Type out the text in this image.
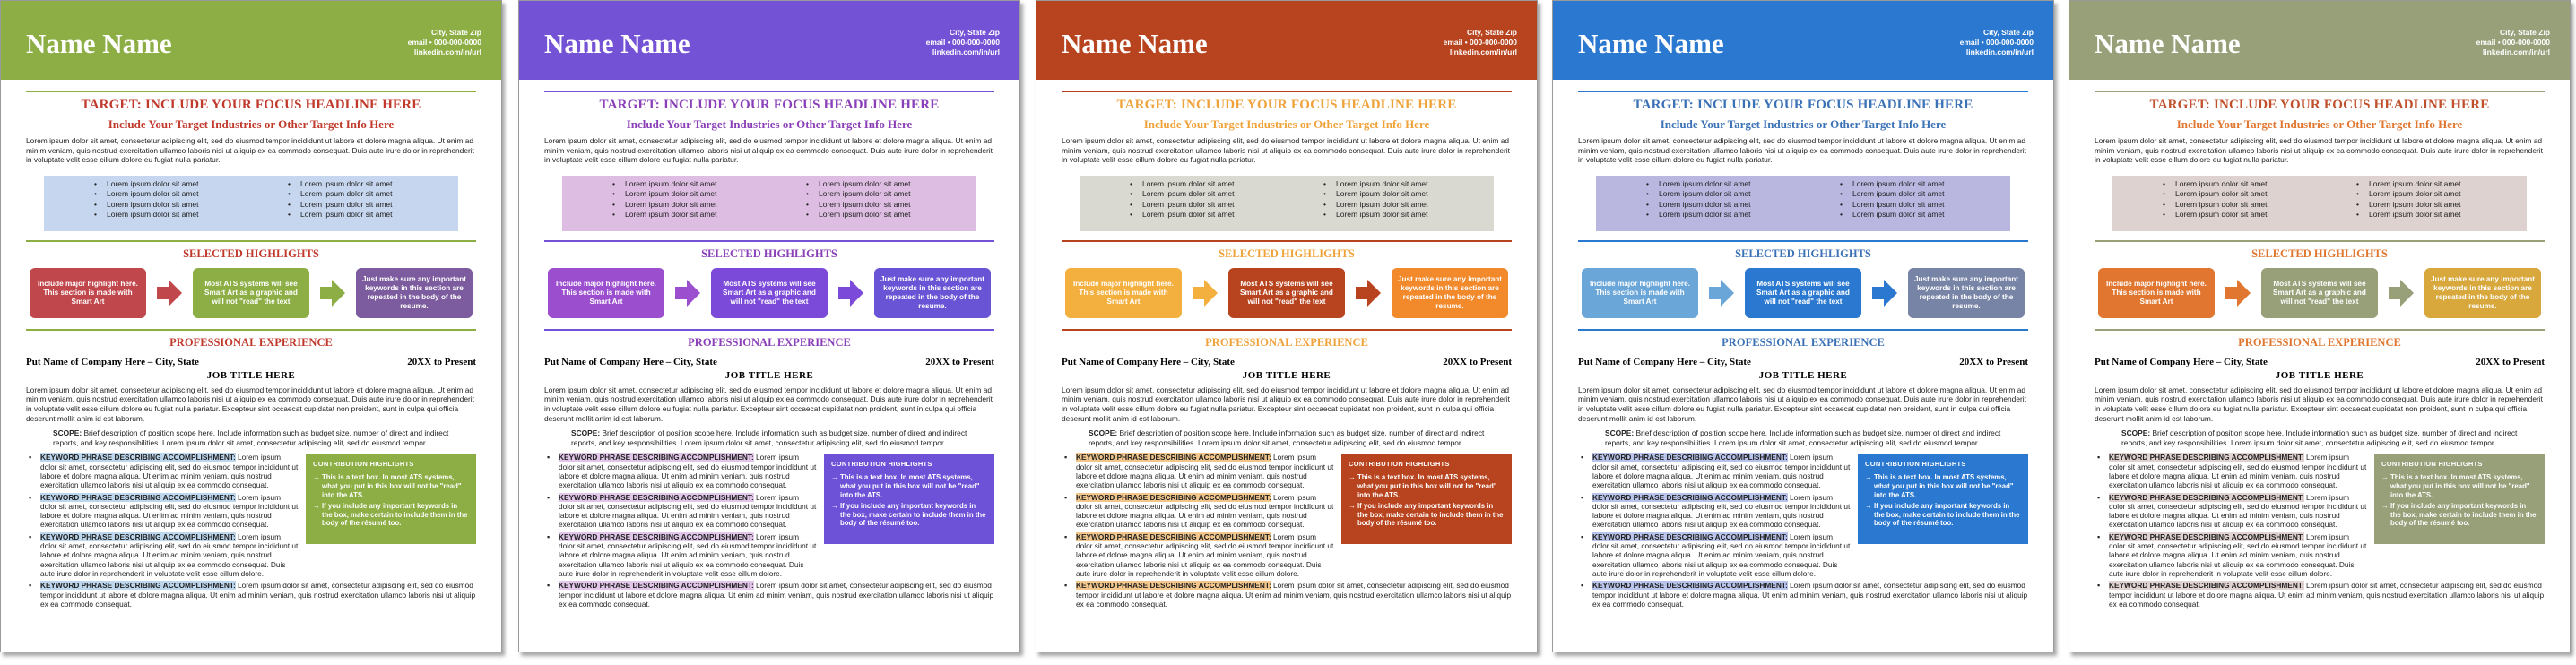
Name Name	City, State Zip
email • 000-000-0000
linkedin.com/in/url
TARGET: INCLUDE YOUR FOCUS HEADLINE HERE
Include Your Target Industries or Other Target Info Here
Lorem ipsum dolor sit amet, consectetur adipiscing elit, sed do eiusmod tempor incididunt ut labore et dolore magna aliqua. Ut enim ad minim veniam, quis nostrud exercitation ullamco laboris nisi ut aliquip ex ea commodo consequat. Duis aute irure dolor in reprehenderit in voluptate velit esse cillum dolore eu fugiat nulla pariatur.
• Lorem ipsum dolor sit amet
• Lorem ipsum dolor sit amet
• Lorem ipsum dolor sit amet
• Lorem ipsum dolor sit amet
• Lorem ipsum dolor sit amet
• Lorem ipsum dolor sit amet
• Lorem ipsum dolor sit amet
• Lorem ipsum dolor sit amet
SELECTED HIGHLIGHTS
Include major highlight here. This section is made with Smart Art
Most ATS systems will see Smart Art as a graphic and will not "read" the text
Just make sure any important keywords in this section are repeated in the body of the resume.
PROFESSIONAL EXPERIENCE
Put Name of Company Here – City, State	20XX to Present
JOB TITLE HERE
Lorem ipsum dolor sit amet, consectetur adipiscing elit, sed do eiusmod tempor incididunt ut labore et dolore magna aliqua. Ut enim ad minim veniam, quis nostrud exercitation ullamco laboris nisi ut aliquip ex ea commodo consequat. Duis aute irure dolor in reprehenderit in voluptate velit esse cillum dolore eu fugiat nulla pariatur. Excepteur sint occaecat cupidatat non proident, sunt in culpa qui officia deserunt mollit anim id est laborum.
SCOPE: Brief description of position scope here. Include information such as budget size, number of direct and indirect reports, and key responsibilities. Lorem ipsum dolor sit amet, consectetur adipiscing elit, sed do eiusmod tempor.
▪ KEYWORD PHRASE DESCRIBING ACCOMPLISHMENT: Lorem ipsum dolor sit amet, consectetur adipiscing elit, sed do eiusmod tempor incididunt ut labore et dolore magna aliqua. Ut enim ad minim veniam, quis nostrud exercitation ullamco laboris nisi ut aliquip ex ea commodo consequat.
▪ KEYWORD PHRASE DESCRIBING ACCOMPLISHMENT: Lorem ipsum dolor sit amet, consectetur adipiscing elit, sed do eiusmod tempor incididunt ut labore et dolore magna aliqua. Ut enim ad minim veniam, quis nostrud exercitation ullamco laboris nisi ut aliquip ex ea commodo consequat.
▪ KEYWORD PHRASE DESCRIBING ACCOMPLISHMENT: Lorem ipsum dolor sit amet, consectetur adipiscing elit, sed do eiusmod tempor incididunt ut labore et dolore magna aliqua. Ut enim ad minim veniam, quis nostrud exercitation ullamco laboris nisi ut aliquip ex ea commodo consequat. Duis aute irure dolor in reprehenderit in voluptate velit esse cillum dolore.
CONTRIBUTION HIGHLIGHTS
→ This is a text box. In most ATS systems, what you put in this box will not be "read" into the ATS.
→ If you include any important keywords in the box, make certain to include them in the body of the résumé too.
▪ KEYWORD PHRASE DESCRIBING ACCOMPLISHMENT: Lorem ipsum dolor sit amet, consectetur adipiscing elit, sed do eiusmod tempor incididunt ut labore et dolore magna aliqua. Ut enim ad minim veniam, quis nostrud exercitation ullamco laboris nisi ut aliquip ex ea commodo consequat.
Name Name	City, State Zip
email • 000-000-0000
linkedin.com/in/url
TARGET: INCLUDE YOUR FOCUS HEADLINE HERE
Include Your Target Industries or Other Target Info Here
Lorem ipsum dolor sit amet, consectetur adipiscing elit, sed do eiusmod tempor incididunt ut labore et dolore magna aliqua. Ut enim ad minim veniam, quis nostrud exercitation ullamco laboris nisi ut aliquip ex ea commodo consequat. Duis aute irure dolor in reprehenderit in voluptate velit esse cillum dolore eu fugiat nulla pariatur.
• Lorem ipsum dolor sit amet
• Lorem ipsum dolor sit amet
• Lorem ipsum dolor sit amet
• Lorem ipsum dolor sit amet
• Lorem ipsum dolor sit amet
• Lorem ipsum dolor sit amet
• Lorem ipsum dolor sit amet
• Lorem ipsum dolor sit amet
SELECTED HIGHLIGHTS
Include major highlight here. This section is made with Smart Art
Most ATS systems will see Smart Art as a graphic and will not "read" the text
Just make sure any important keywords in this section are repeated in the body of the resume.
PROFESSIONAL EXPERIENCE
Put Name of Company Here – City, State	20XX to Present
JOB TITLE HERE
Lorem ipsum dolor sit amet, consectetur adipiscing elit, sed do eiusmod tempor incididunt ut labore et dolore magna aliqua. Ut enim ad minim veniam, quis nostrud exercitation ullamco laboris nisi ut aliquip ex ea commodo consequat. Duis aute irure dolor in reprehenderit in voluptate velit esse cillum dolore eu fugiat nulla pariatur. Excepteur sint occaecat cupidatat non proident, sunt in culpa qui officia deserunt mollit anim id est laborum.
SCOPE: Brief description of position scope here. Include information such as budget size, number of direct and indirect reports, and key responsibilities. Lorem ipsum dolor sit amet, consectetur adipiscing elit, sed do eiusmod tempor.
▪ KEYWORD PHRASE DESCRIBING ACCOMPLISHMENT: Lorem ipsum dolor sit amet, consectetur adipiscing elit, sed do eiusmod tempor incididunt ut labore et dolore magna aliqua. Ut enim ad minim veniam, quis nostrud exercitation ullamco laboris nisi ut aliquip ex ea commodo consequat.
▪ KEYWORD PHRASE DESCRIBING ACCOMPLISHMENT: Lorem ipsum dolor sit amet, consectetur adipiscing elit, sed do eiusmod tempor incididunt ut labore et dolore magna aliqua. Ut enim ad minim veniam, quis nostrud exercitation ullamco laboris nisi ut aliquip ex ea commodo consequat.
▪ KEYWORD PHRASE DESCRIBING ACCOMPLISHMENT: Lorem ipsum dolor sit amet, consectetur adipiscing elit, sed do eiusmod tempor incididunt ut labore et dolore magna aliqua. Ut enim ad minim veniam, quis nostrud exercitation ullamco laboris nisi ut aliquip ex ea commodo consequat. Duis aute irure dolor in reprehenderit in voluptate velit esse cillum dolore.
CONTRIBUTION HIGHLIGHTS
→ This is a text box. In most ATS systems, what you put in this box will not be "read" into the ATS.
→ If you include any important keywords in the box, make certain to include them in the body of the résumé too.
▪ KEYWORD PHRASE DESCRIBING ACCOMPLISHMENT: Lorem ipsum dolor sit amet, consectetur adipiscing elit, sed do eiusmod tempor incididunt ut labore et dolore magna aliqua. Ut enim ad minim veniam, quis nostrud exercitation ullamco laboris nisi ut aliquip ex ea commodo consequat.
Name Name	City, State Zip
email • 000-000-0000
linkedin.com/in/url
TARGET: INCLUDE YOUR FOCUS HEADLINE HERE
Include Your Target Industries or Other Target Info Here
Lorem ipsum dolor sit amet, consectetur adipiscing elit, sed do eiusmod tempor incididunt ut labore et dolore magna aliqua. Ut enim ad minim veniam, quis nostrud exercitation ullamco laboris nisi ut aliquip ex ea commodo consequat. Duis aute irure dolor in reprehenderit in voluptate velit esse cillum dolore eu fugiat nulla pariatur.
• Lorem ipsum dolor sit amet
• Lorem ipsum dolor sit amet
• Lorem ipsum dolor sit amet
• Lorem ipsum dolor sit amet
• Lorem ipsum dolor sit amet
• Lorem ipsum dolor sit amet
• Lorem ipsum dolor sit amet
• Lorem ipsum dolor sit amet
SELECTED HIGHLIGHTS
Include major highlight here. This section is made with Smart Art
Most ATS systems will see Smart Art as a graphic and will not "read" the text
Just make sure any important keywords in this section are repeated in the body of the resume.
PROFESSIONAL EXPERIENCE
Put Name of Company Here – City, State	20XX to Present
JOB TITLE HERE
Lorem ipsum dolor sit amet, consectetur adipiscing elit, sed do eiusmod tempor incididunt ut labore et dolore magna aliqua. Ut enim ad minim veniam, quis nostrud exercitation ullamco laboris nisi ut aliquip ex ea commodo consequat. Duis aute irure dolor in reprehenderit in voluptate velit esse cillum dolore eu fugiat nulla pariatur. Excepteur sint occaecat cupidatat non proident, sunt in culpa qui officia deserunt mollit anim id est laborum.
SCOPE: Brief description of position scope here. Include information such as budget size, number of direct and indirect reports, and key responsibilities. Lorem ipsum dolor sit amet, consectetur adipiscing elit, sed do eiusmod tempor.
▪ KEYWORD PHRASE DESCRIBING ACCOMPLISHMENT: Lorem ipsum dolor sit amet, consectetur adipiscing elit, sed do eiusmod tempor incididunt ut labore et dolore magna aliqua. Ut enim ad minim veniam, quis nostrud exercitation ullamco laboris nisi ut aliquip ex ea commodo consequat.
▪ KEYWORD PHRASE DESCRIBING ACCOMPLISHMENT: Lorem ipsum dolor sit amet, consectetur adipiscing elit, sed do eiusmod tempor incididunt ut labore et dolore magna aliqua. Ut enim ad minim veniam, quis nostrud exercitation ullamco laboris nisi ut aliquip ex ea commodo consequat.
▪ KEYWORD PHRASE DESCRIBING ACCOMPLISHMENT: Lorem ipsum dolor sit amet, consectetur adipiscing elit, sed do eiusmod tempor incididunt ut labore et dolore magna aliqua. Ut enim ad minim veniam, quis nostrud exercitation ullamco laboris nisi ut aliquip ex ea commodo consequat. Duis aute irure dolor in reprehenderit in voluptate velit esse cillum dolore.
CONTRIBUTION HIGHLIGHTS
→ This is a text box. In most ATS systems, what you put in this box will not be "read" into the ATS.
→ If you include any important keywords in the box, make certain to include them in the body of the résumé too.
▪ KEYWORD PHRASE DESCRIBING ACCOMPLISHMENT: Lorem ipsum dolor sit amet, consectetur adipiscing elit, sed do eiusmod tempor incididunt ut labore et dolore magna aliqua. Ut enim ad minim veniam, quis nostrud exercitation ullamco laboris nisi ut aliquip ex ea commodo consequat.
Name Name	City, State Zip
email • 000-000-0000
linkedin.com/in/url
TARGET: INCLUDE YOUR FOCUS HEADLINE HERE
Include Your Target Industries or Other Target Info Here
Lorem ipsum dolor sit amet, consectetur adipiscing elit, sed do eiusmod tempor incididunt ut labore et dolore magna aliqua. Ut enim ad minim veniam, quis nostrud exercitation ullamco laboris nisi ut aliquip ex ea commodo consequat. Duis aute irure dolor in reprehenderit in voluptate velit esse cillum dolore eu fugiat nulla pariatur.
• Lorem ipsum dolor sit amet
• Lorem ipsum dolor sit amet
• Lorem ipsum dolor sit amet
• Lorem ipsum dolor sit amet
• Lorem ipsum dolor sit amet
• Lorem ipsum dolor sit amet
• Lorem ipsum dolor sit amet
• Lorem ipsum dolor sit amet
SELECTED HIGHLIGHTS
Include major highlight here. This section is made with Smart Art
Most ATS systems will see Smart Art as a graphic and will not "read" the text
Just make sure any important keywords in this section are repeated in the body of the resume.
PROFESSIONAL EXPERIENCE
Put Name of Company Here – City, State	20XX to Present
JOB TITLE HERE
Lorem ipsum dolor sit amet, consectetur adipiscing elit, sed do eiusmod tempor incididunt ut labore et dolore magna aliqua. Ut enim ad minim veniam, quis nostrud exercitation ullamco laboris nisi ut aliquip ex ea commodo consequat. Duis aute irure dolor in reprehenderit in voluptate velit esse cillum dolore eu fugiat nulla pariatur. Excepteur sint occaecat cupidatat non proident, sunt in culpa qui officia deserunt mollit anim id est laborum.
SCOPE: Brief description of position scope here. Include information such as budget size, number of direct and indirect reports, and key responsibilities. Lorem ipsum dolor sit amet, consectetur adipiscing elit, sed do eiusmod tempor.
▪ KEYWORD PHRASE DESCRIBING ACCOMPLISHMENT: Lorem ipsum dolor sit amet, consectetur adipiscing elit, sed do eiusmod tempor incididunt ut labore et dolore magna aliqua. Ut enim ad minim veniam, quis nostrud exercitation ullamco laboris nisi ut aliquip ex ea commodo consequat.
▪ KEYWORD PHRASE DESCRIBING ACCOMPLISHMENT: Lorem ipsum dolor sit amet, consectetur adipiscing elit, sed do eiusmod tempor incididunt ut labore et dolore magna aliqua. Ut enim ad minim veniam, quis nostrud exercitation ullamco laboris nisi ut aliquip ex ea commodo consequat.
▪ KEYWORD PHRASE DESCRIBING ACCOMPLISHMENT: Lorem ipsum dolor sit amet, consectetur adipiscing elit, sed do eiusmod tempor incididunt ut labore et dolore magna aliqua. Ut enim ad minim veniam, quis nostrud exercitation ullamco laboris nisi ut aliquip ex ea commodo consequat. Duis aute irure dolor in reprehenderit in voluptate velit esse cillum dolore.
CONTRIBUTION HIGHLIGHTS
→ This is a text box. In most ATS systems, what you put in this box will not be "read" into the ATS.
→ If you include any important keywords in the box, make certain to include them in the body of the résumé too.
▪ KEYWORD PHRASE DESCRIBING ACCOMPLISHMENT: Lorem ipsum dolor sit amet, consectetur adipiscing elit, sed do eiusmod tempor incididunt ut labore et dolore magna aliqua. Ut enim ad minim veniam, quis nostrud exercitation ullamco laboris nisi ut aliquip ex ea commodo consequat.
Name Name	City, State Zip
email • 000-000-0000
linkedin.com/in/url
TARGET: INCLUDE YOUR FOCUS HEADLINE HERE
Include Your Target Industries or Other Target Info Here
Lorem ipsum dolor sit amet, consectetur adipiscing elit, sed do eiusmod tempor incididunt ut labore et dolore magna aliqua. Ut enim ad minim veniam, quis nostrud exercitation ullamco laboris nisi ut aliquip ex ea commodo consequat. Duis aute irure dolor in reprehenderit in voluptate velit esse cillum dolore eu fugiat nulla pariatur.
• Lorem ipsum dolor sit amet
• Lorem ipsum dolor sit amet
• Lorem ipsum dolor sit amet
• Lorem ipsum dolor sit amet
• Lorem ipsum dolor sit amet
• Lorem ipsum dolor sit amet
• Lorem ipsum dolor sit amet
• Lorem ipsum dolor sit amet
SELECTED HIGHLIGHTS
Include major highlight here. This section is made with Smart Art
Most ATS systems will see Smart Art as a graphic and will not "read" the text
Just make sure any important keywords in this section are repeated in the body of the resume.
PROFESSIONAL EXPERIENCE
Put Name of Company Here – City, State	20XX to Present
JOB TITLE HERE
Lorem ipsum dolor sit amet, consectetur adipiscing elit, sed do eiusmod tempor incididunt ut labore et dolore magna aliqua. Ut enim ad minim veniam, quis nostrud exercitation ullamco laboris nisi ut aliquip ex ea commodo consequat. Duis aute irure dolor in reprehenderit in voluptate velit esse cillum dolore eu fugiat nulla pariatur. Excepteur sint occaecat cupidatat non proident, sunt in culpa qui officia deserunt mollit anim id est laborum.
SCOPE: Brief description of position scope here. Include information such as budget size, number of direct and indirect reports, and key responsibilities. Lorem ipsum dolor sit amet, consectetur adipiscing elit, sed do eiusmod tempor.
▪ KEYWORD PHRASE DESCRIBING ACCOMPLISHMENT: Lorem ipsum dolor sit amet, consectetur adipiscing elit, sed do eiusmod tempor incididunt ut labore et dolore magna aliqua. Ut enim ad minim veniam, quis nostrud exercitation ullamco laboris nisi ut aliquip ex ea commodo consequat.
▪ KEYWORD PHRASE DESCRIBING ACCOMPLISHMENT: Lorem ipsum dolor sit amet, consectetur adipiscing elit, sed do eiusmod tempor incididunt ut labore et dolore magna aliqua. Ut enim ad minim veniam, quis nostrud exercitation ullamco laboris nisi ut aliquip ex ea commodo consequat.
▪ KEYWORD PHRASE DESCRIBING ACCOMPLISHMENT: Lorem ipsum dolor sit amet, consectetur adipiscing elit, sed do eiusmod tempor incididunt ut labore et dolore magna aliqua. Ut enim ad minim veniam, quis nostrud exercitation ullamco laboris nisi ut aliquip ex ea commodo consequat. Duis aute irure dolor in reprehenderit in voluptate velit esse cillum dolore.
CONTRIBUTION HIGHLIGHTS
→ This is a text box. In most ATS systems, what you put in this box will not be "read" into the ATS.
→ If you include any important keywords in the box, make certain to include them in the body of the résumé too.
▪ KEYWORD PHRASE DESCRIBING ACCOMPLISHMENT: Lorem ipsum dolor sit amet, consectetur adipiscing elit, sed do eiusmod tempor incididunt ut labore et dolore magna aliqua. Ut enim ad minim veniam, quis nostrud exercitation ullamco laboris nisi ut aliquip ex ea commodo consequat.
